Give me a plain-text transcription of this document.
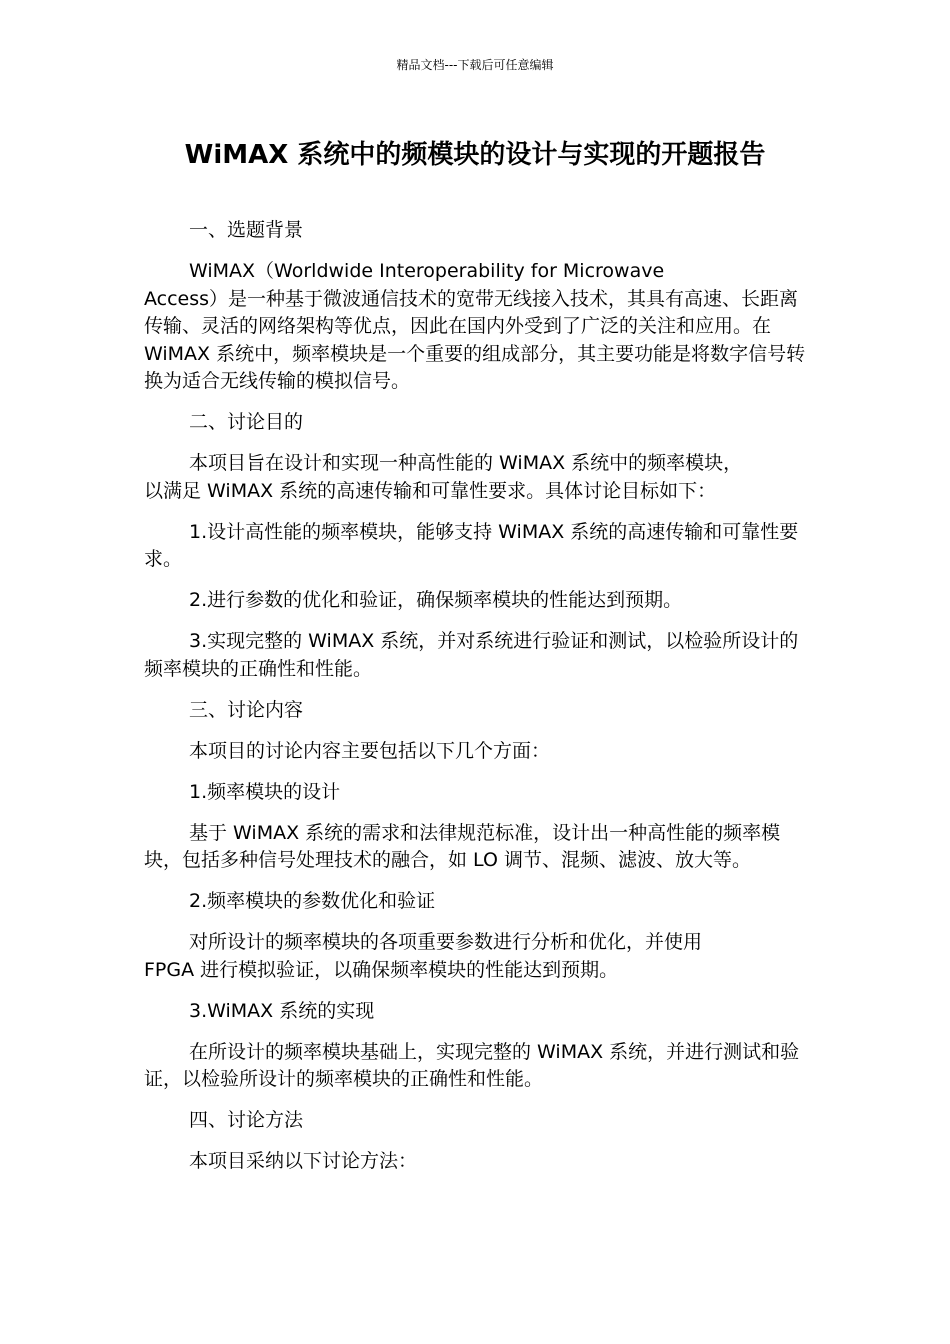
精品文档---下载后可任意编辑
WiMAX 系统中的频模块的设计与实现的开题报告

一、选题背景

WiMAX（Worldwide Interoperability for Microwave
Access）是一种基于微波通信技术的宽带无线接入技术，其具有高速、长距离传输、灵活的网络架构等优点，因此在国内外受到了广泛的关注和应用。在 WiMAX 系统中，频率模块是一个重要的组成部分，其主要功能是将数字信号转换为适合无线传输的模拟信号。

二、讨论目的

本项目旨在设计和实现一种高性能的 WiMAX 系统中的频率模块，
以满足 WiMAX 系统的高速传输和可靠性要求。具体讨论目标如下：

1.设计高性能的频率模块，能够支持 WiMAX 系统的高速传输和可靠性要求。

2.进行参数的优化和验证，确保频率模块的性能达到预期。

3.实现完整的 WiMAX 系统，并对系统进行验证和测试，以检验所设计的频率模块的正确性和性能。

三、讨论内容

本项目的讨论内容主要包括以下几个方面：

1.频率模块的设计

基于 WiMAX 系统的需求和法律规范标准，设计出一种高性能的频率模块，包括多种信号处理技术的融合，如 LO 调节、混频、滤波、放大等。

2.频率模块的参数优化和验证

对所设计的频率模块的各项重要参数进行分析和优化，并使用
FPGA 进行模拟验证，以确保频率模块的性能达到预期。

3.WiMAX 系统的实现

在所设计的频率模块基础上，实现完整的 WiMAX 系统，并进行测试和验证，以检验所设计的频率模块的正确性和性能。

四、讨论方法

本项目采纳以下讨论方法：
